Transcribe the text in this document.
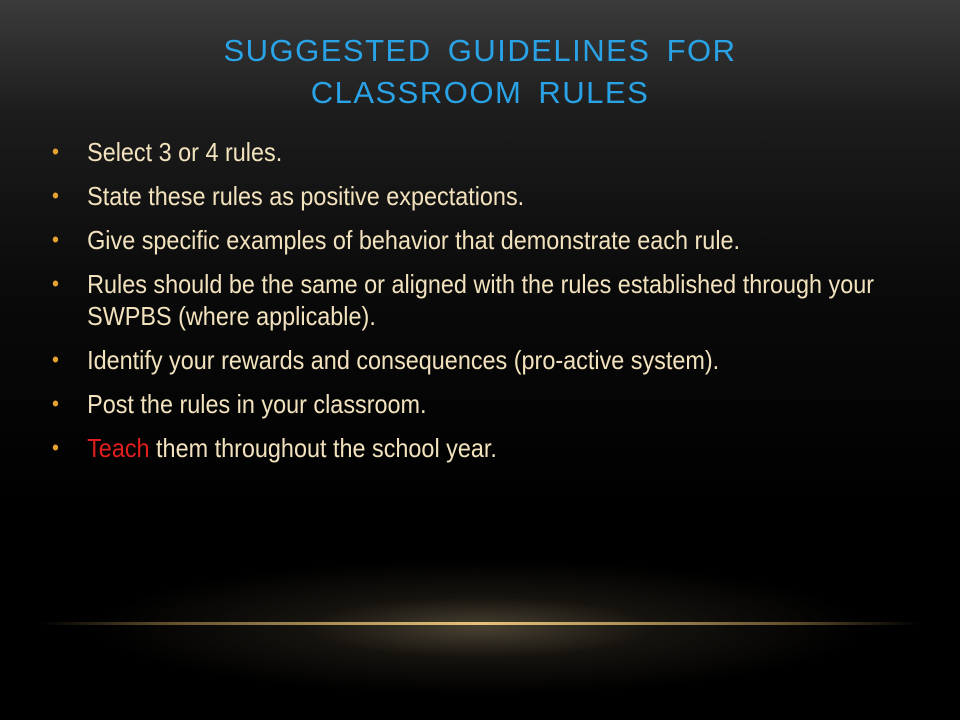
SUGGESTED GUIDELINES FOR
CLASSROOM RULES
• Select 3 or 4 rules.
• State these rules as positive expectations.
• Give specific examples of behavior that demonstrate each rule.
• Rules should be the same or aligned with the rules established through your SWPBS (where applicable).
• Identify your rewards and consequences (pro-active system).
• Post the rules in your classroom.
• Teach them throughout the school year.
